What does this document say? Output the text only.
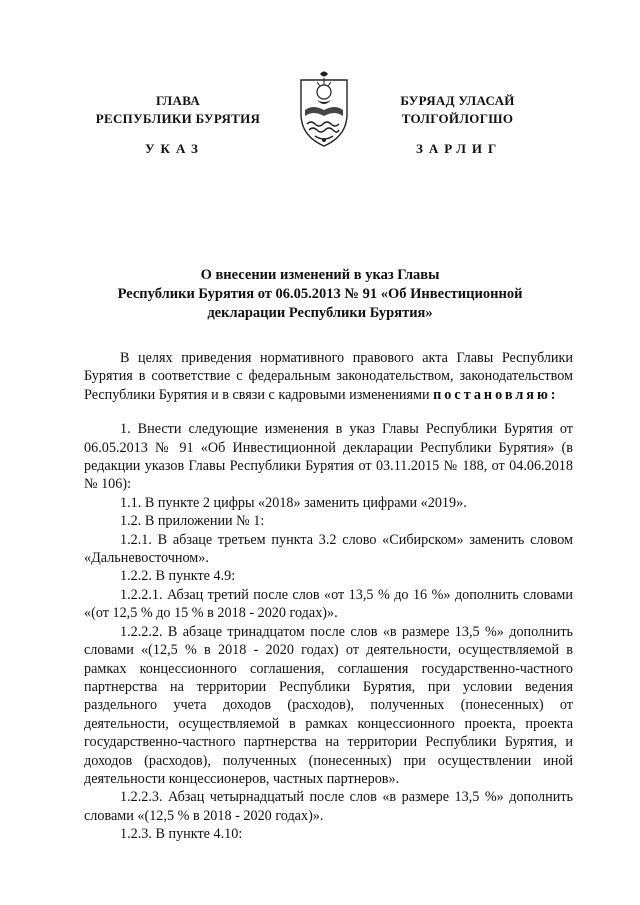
ГЛАВА
РЕСПУБЛИКИ БУРЯТИЯ
УКАЗ
БУРЯАД УЛАСАЙ
ТОЛГОЙЛОГШО
ЗАРЛИГ
О внесении изменений в указ Главы
Республики Бурятия от 06.05.2013 № 91 «Об Инвестиционной
декларации Республики Бурятия»

В целях приведения нормативного правового акта Главы Республики Бурятия в соответствие с федеральным законодательством, законодательством Республики Бурятия и в связи с кадровыми изменениями постановляю:

1. Внести следующие изменения в указ Главы Республики Бурятия от 06.05.2013 № 91 «Об Инвестиционной декларации Республики Бурятия» (в редакции указов Главы Республики Бурятия от 03.11.2015 № 188, от 04.06.2018 № 106):

1.1. В пункте 2 цифры «2018» заменить цифрами «2019».

1.2. В приложении № 1:

1.2.1. В абзаце третьем пункта 3.2 слово «Сибирском» заменить словом «Дальневосточном».

1.2.2. В пункте 4.9:

1.2.2.1. Абзац третий после слов «от 13,5 % до 16 %» дополнить словами «(от 12,5 % до 15 % в 2018 - 2020 годах)».

1.2.2.2. В абзаце тринадцатом после слов «в размере 13,5 %» дополнить словами «(12,5 % в 2018 - 2020 годах) от деятельности, осуществляемой в рамках концессионного соглашения, соглашения государственно-частного партнерства на территории Республики Бурятия, при условии ведения раздельного учета доходов (расходов), полученных (понесенных) от деятельности, осуществляемой в рамках концессионного проекта, проекта государственно-частного партнерства на территории Республики Бурятия, и доходов (расходов), полученных (понесенных) при осуществлении иной деятельности концессионеров, частных партнеров».

1.2.2.3. Абзац четырнадцатый после слов «в размере 13,5 %» дополнить словами «(12,5 % в 2018 - 2020 годах)».

1.2.3. В пункте 4.10:
